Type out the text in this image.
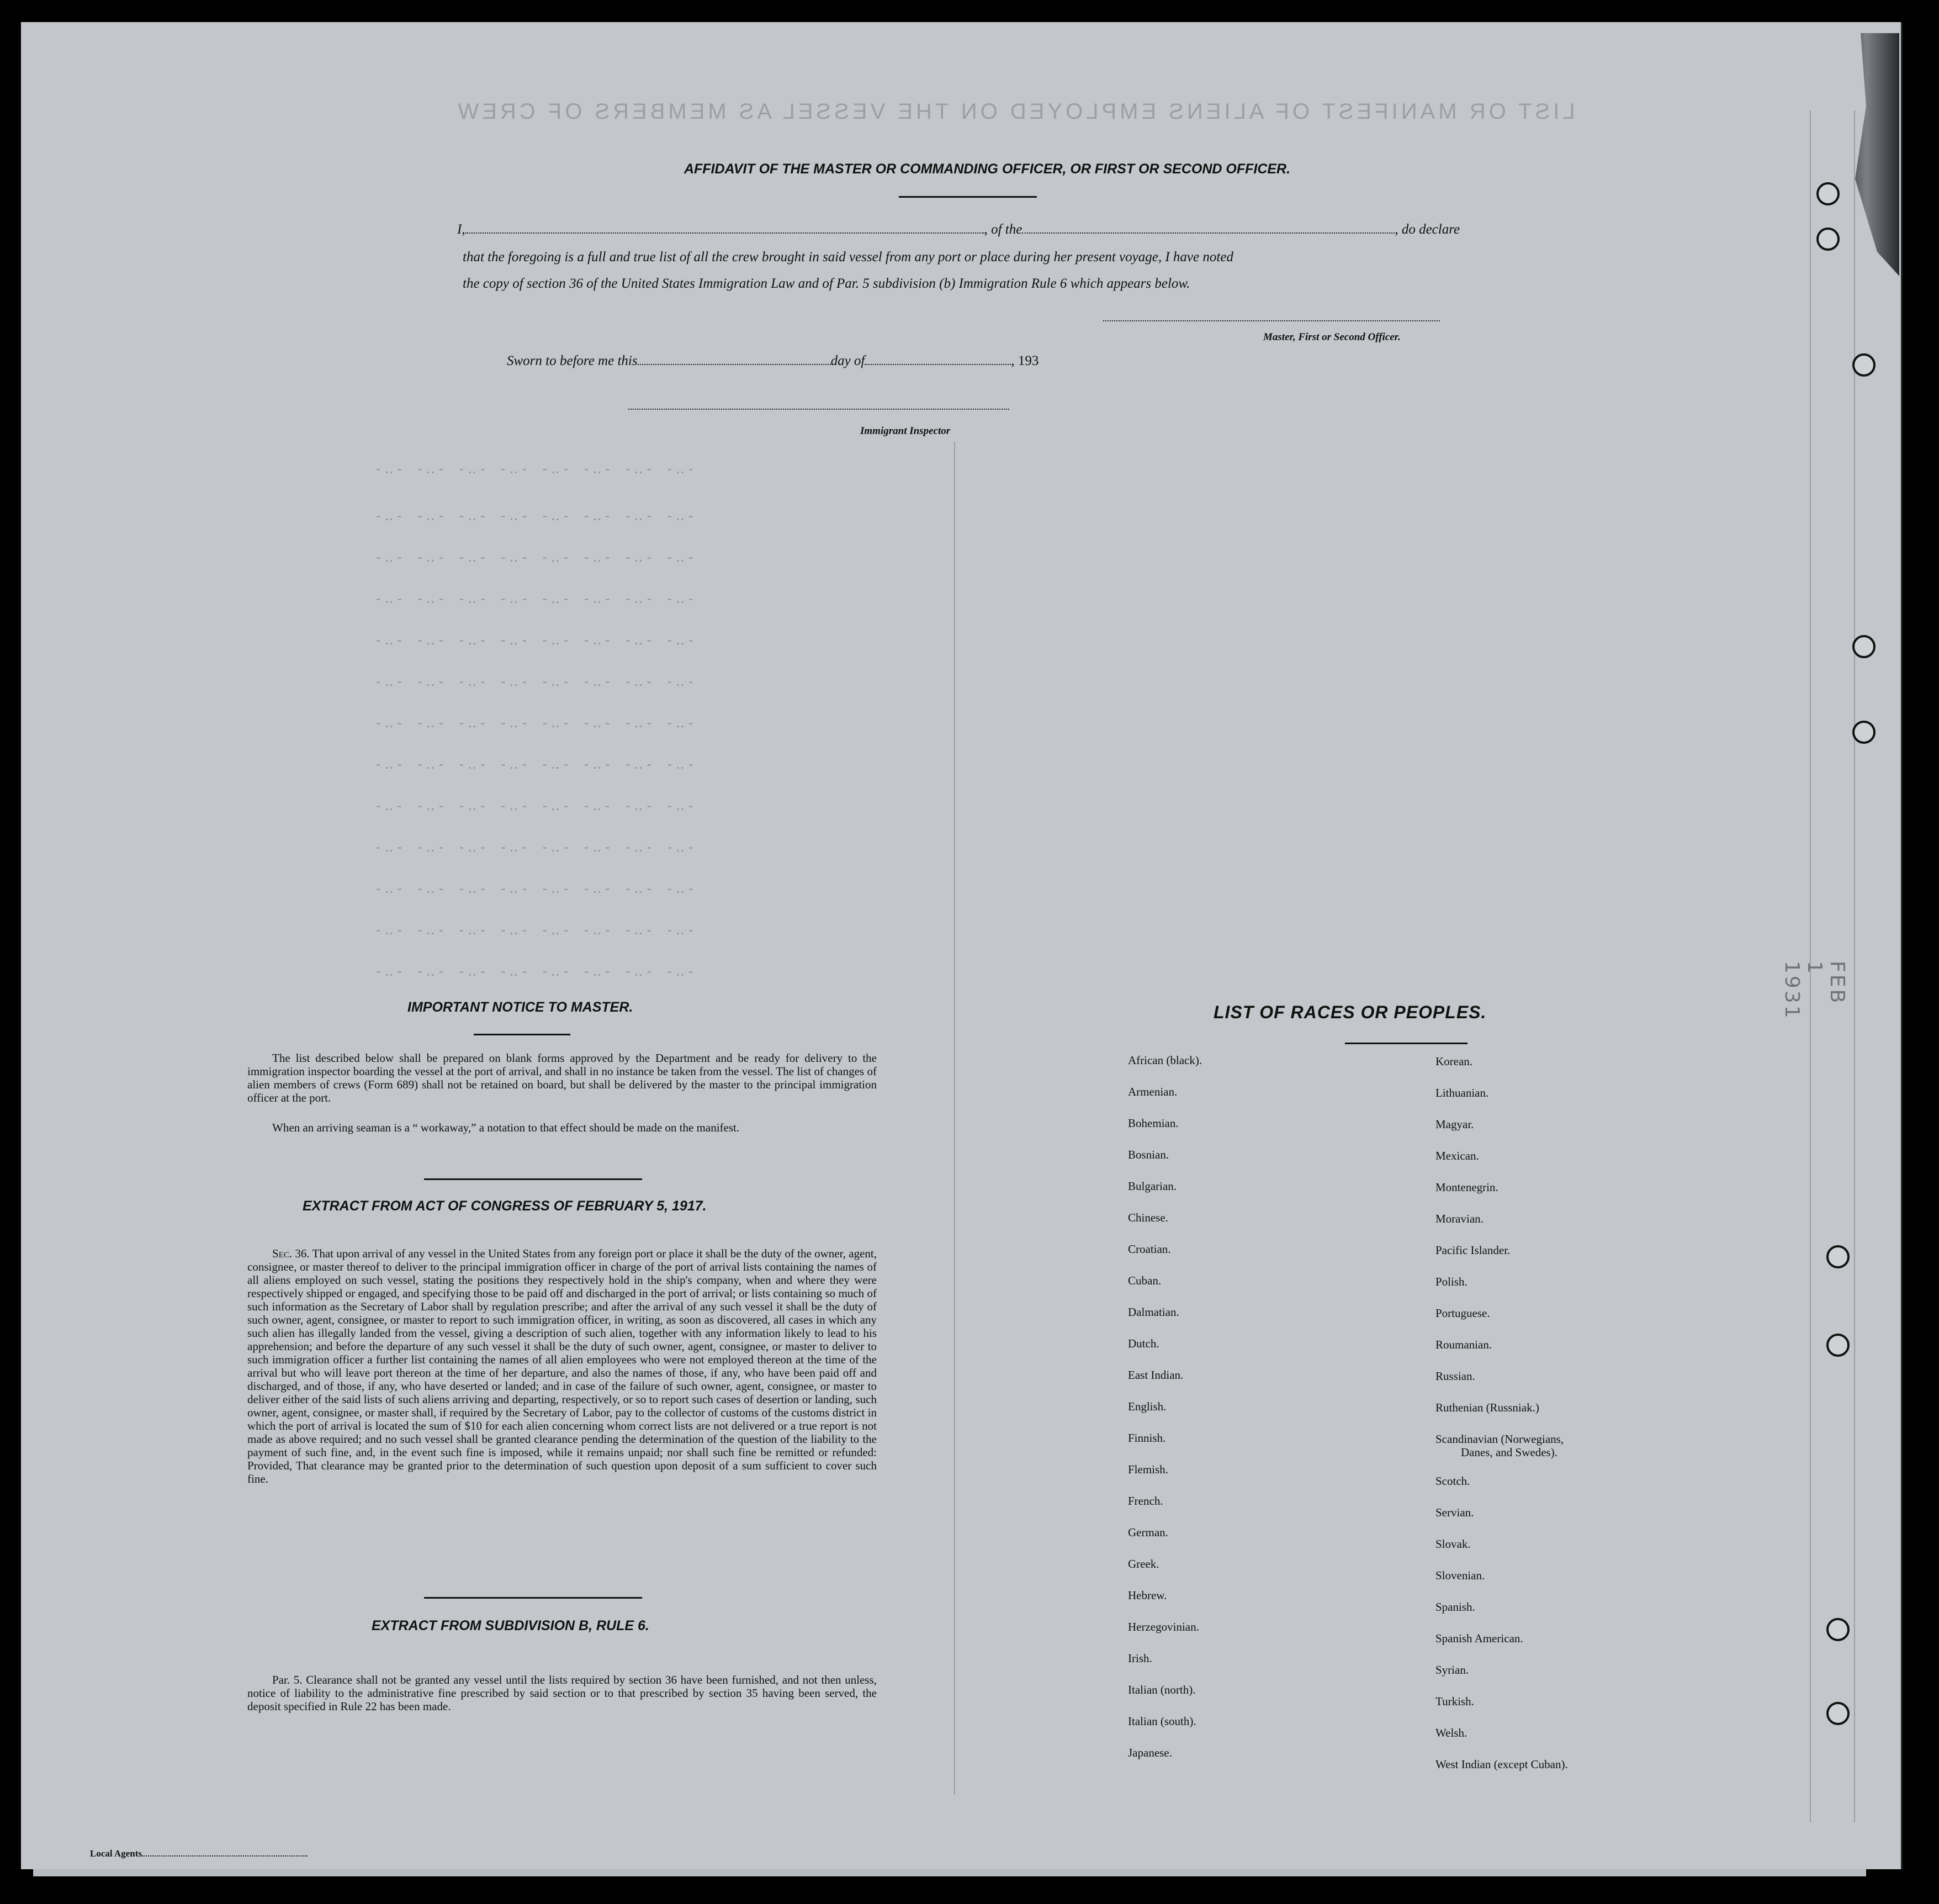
LIST OR MANIFEST OF ALIENS EMPLOYED ON THE VESSEL AS MEMBERS OF CREW
-‥- -‥- -‥- -‥- -‥- -‥- -‥- -‥-
-‥- -‥- -‥- -‥- -‥- -‥- -‥- -‥-
-‥- -‥- -‥- -‥- -‥- -‥- -‥- -‥-
-‥- -‥- -‥- -‥- -‥- -‥- -‥- -‥-
-‥- -‥- -‥- -‥- -‥- -‥- -‥- -‥-
-‥- -‥- -‥- -‥- -‥- -‥- -‥- -‥-
-‥- -‥- -‥- -‥- -‥- -‥- -‥- -‥-
-‥- -‥- -‥- -‥- -‥- -‥- -‥- -‥-
-‥- -‥- -‥- -‥- -‥- -‥- -‥- -‥-
-‥- -‥- -‥- -‥- -‥- -‥- -‥- -‥-
-‥- -‥- -‥- -‥- -‥- -‥- -‥- -‥-
-‥- -‥- -‥- -‥- -‥- -‥- -‥- -‥-
-‥- -‥- -‥- -‥- -‥- -‥- -‥- -‥-	FEB 1 1931
AFFIDAVIT OF THE MASTER OR COMMANDING OFFICER, OR FIRST OR SECOND OFFICER.
I,	, of the	, do declare
that the foregoing is a full and true list of all the crew brought in said vessel from any port or place during her present voyage, I have noted
the copy of section 36 of the United States Immigration Law and of Par. 5 subdivision (b) Immigration Rule 6 which appears below.
Master, First or Second Officer.
Sworn to before me this	day of	, 193
Immigrant Inspector
IMPORTANT NOTICE TO MASTER.
The list described below shall be prepared on blank forms approved by the Department and be ready for delivery to the immigration inspector boarding the vessel at the port of arrival, and shall in no instance be taken from the vessel. The list of changes of alien members of crews (Form 689) shall not be retained on board, but shall be delivered by the master to the principal immigration officer at the port.
When an arriving seaman is a “ workaway,” a notation to that effect should be made on the manifest.
EXTRACT FROM ACT OF CONGRESS OF FEBRUARY 5, 1917.
Sec. 36. That upon arrival of any vessel in the United States from any foreign port or place it shall be the duty of the owner, agent, consignee, or master thereof to deliver to the principal immigration officer in charge of the port of arrival lists containing the names of all aliens employed on such vessel, stating the positions they respectively hold in the ship's company, when and where they were respectively shipped or engaged, and specifying those to be paid off and discharged in the port of arrival; or lists containing so much of such information as the Secretary of Labor shall by regulation prescribe; and after the arrival of any such vessel it shall be the duty of such owner, agent, consignee, or master to report to such immigration officer, in writing, as soon as discovered, all cases in which any such alien has illegally landed from the vessel, giving a description of such alien, together with any information likely to lead to his apprehension; and before the departure of any such vessel it shall be the duty of such owner, agent, consignee, or master to deliver to such immigration officer a further list containing the names of all alien employees who were not employed thereon at the time of the arrival but who will leave port thereon at the time of her departure, and also the names of those, if any, who have been paid off and discharged, and of those, if any, who have deserted or landed; and in case of the failure of such owner, agent, consignee, or master to deliver either of the said lists of such aliens arriving and departing, respectively, or so to report such cases of desertion or landing, such owner, agent, consignee, or master shall, if required by the Secretary of Labor, pay to the collector of customs of the customs district in which the port of arrival is located the sum of $10 for each alien concerning whom correct lists are not delivered or a true report is not made as above required; and no such vessel shall be granted clearance pending the determination of the question of the liability to the payment of such fine, and, in the event such fine is imposed, while it remains unpaid; nor shall such fine be remitted or refunded: Provided, That clearance may be granted prior to the determination of such question upon deposit of a sum sufficient to cover such fine.
EXTRACT FROM SUBDIVISION B, RULE 6.
Par. 5. Clearance shall not be granted any vessel until the lists required by section 36 have been furnished, and not then unless, notice of liability to the administrative fine prescribed by said section or to that prescribed by section 35 having been served, the deposit specified in Rule 22 has been made.
LIST OF RACES OR PEOPLES.
African (black).
Armenian.
Bohemian.
Bosnian.
Bulgarian.
Chinese.
Croatian.
Cuban.
Dalmatian.
Dutch.
East Indian.
English.
Finnish.
Flemish.
French.
German.
Greek.
Hebrew.
Herzegovinian.
Irish.
Italian (north).
Italian (south).
Japanese.
Korean.
Lithuanian.
Magyar.
Mexican.
Montenegrin.
Moravian.
Pacific Islander.
Polish.
Portuguese.
Roumanian.
Russian.
Ruthenian (Russniak.)
Scandinavian (Norwegians,
Danes, and Swedes).
Scotch.
Servian.
Slovak.
Slovenian.
Spanish.
Spanish American.
Syrian.
Turkish.
Welsh.
West Indian (except Cuban).
Local Agents
